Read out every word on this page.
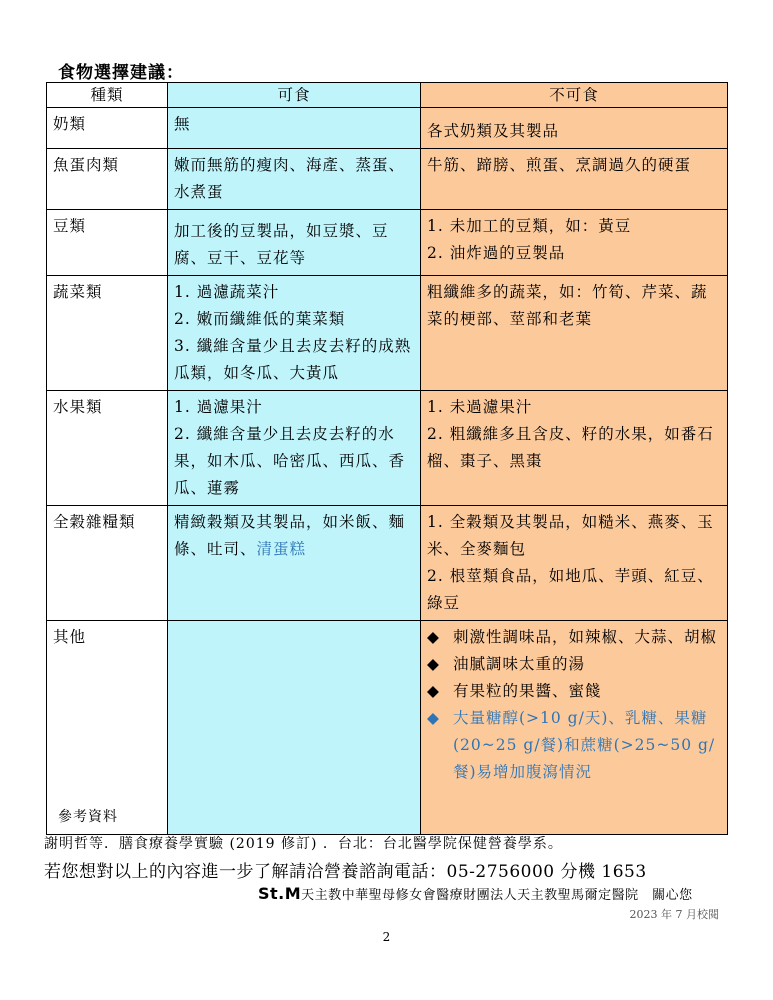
食物選擇建議：
種類	可食	不可食
奶類	無	各式奶類及其製品

魚蛋肉類	嫩而無筋的瘦肉、海產、蒸蛋、水煮蛋	牛筋、蹄膀、煎蛋、烹調過久的硬蛋

豆類	加工後的豆製品，如豆漿、豆腐、豆干、豆花等	1. 未加工的豆類，如：黃豆
2. 油炸過的豆製品

蔬菜類	1. 過濾蔬菜汁
2. 嫩而纖維低的葉菜類
3. 纖維含量少且去皮去籽的成熟瓜類，如冬瓜、大黃瓜	粗纖維多的蔬菜，如：竹筍、芹菜、蔬菜的梗部、莖部和老葉

水果類	1. 過濾果汁
2. 纖維含量少且去皮去籽的水果，如木瓜、哈密瓜、西瓜、香瓜、蓮霧	1. 未過濾果汁
2. 粗纖維多且含皮、籽的水果，如番石榴、棗子、黑棗

全穀雜糧類	精緻穀類及其製品，如米飯、麵條、吐司、清蛋糕	1. 全穀類及其製品，如糙米、燕麥、玉米、全麥麵包
2. 根莖類食品，如地瓜、芋頭、紅豆、綠豆

其他		◆ 刺激性調味品，如辣椒、大蒜、胡椒
◆ 油膩調味太重的湯
◆ 有果粒的果醬、蜜餞
◆ 大量糖醇(>10 g/天)、乳糖、果糖(20~25 g/餐)和蔗糖(>25~50 g/餐)易增加腹瀉情況
參考資料
謝明哲等．膳食療養學實驗 (2019 修訂) ．台北：台北醫學院保健營養學系。
若您想對以上的內容進一步了解請洽營養諮詢電話：05-2756000 分機 1653
St.M天主教中華聖母修女會醫療財團法人天主教聖馬爾定醫院　關心您
2023 年 7 月校閱
2
